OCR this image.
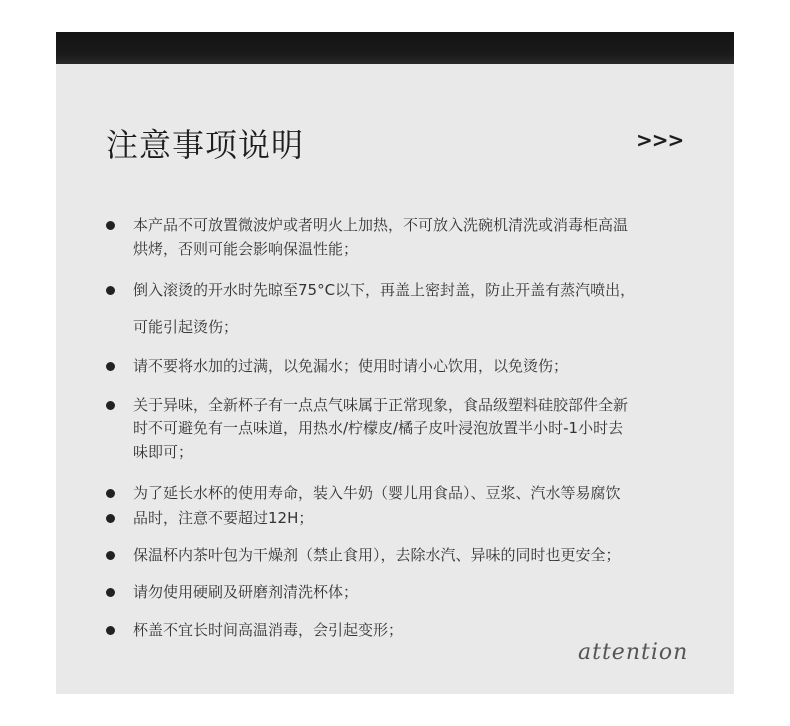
注意事项说明	>>>
本产品不可放置微波炉或者明火上加热，不可放入洗碗机清洗或消毒柜高温
烘烤，否则可能会影响保温性能；
倒入滚烫的开水时先晾至75°C以下，再盖上密封盖，防止开盖有蒸汽喷出，
可能引起烫伤；
请不要将水加的过满，以免漏水；使用时请小心饮用，以免烫伤；
关于异味，全新杯子有一点点气味属于正常现象，食品级塑料硅胶部件全新
时不可避免有一点味道，用热水/柠檬皮/橘子皮叶浸泡放置半小时-1小时去
味即可；
为了延长水杯的使用寿命，装入牛奶（婴儿用食品）、豆浆、汽水等易腐饮
品时，注意不要超过12H；
保温杯内茶叶包为干燥剂（禁止食用），去除水汽、异味的同时也更安全；
请勿使用硬刷及研磨剂清洗杯体；
杯盖不宜长时间高温消毒，会引起变形；
attention
